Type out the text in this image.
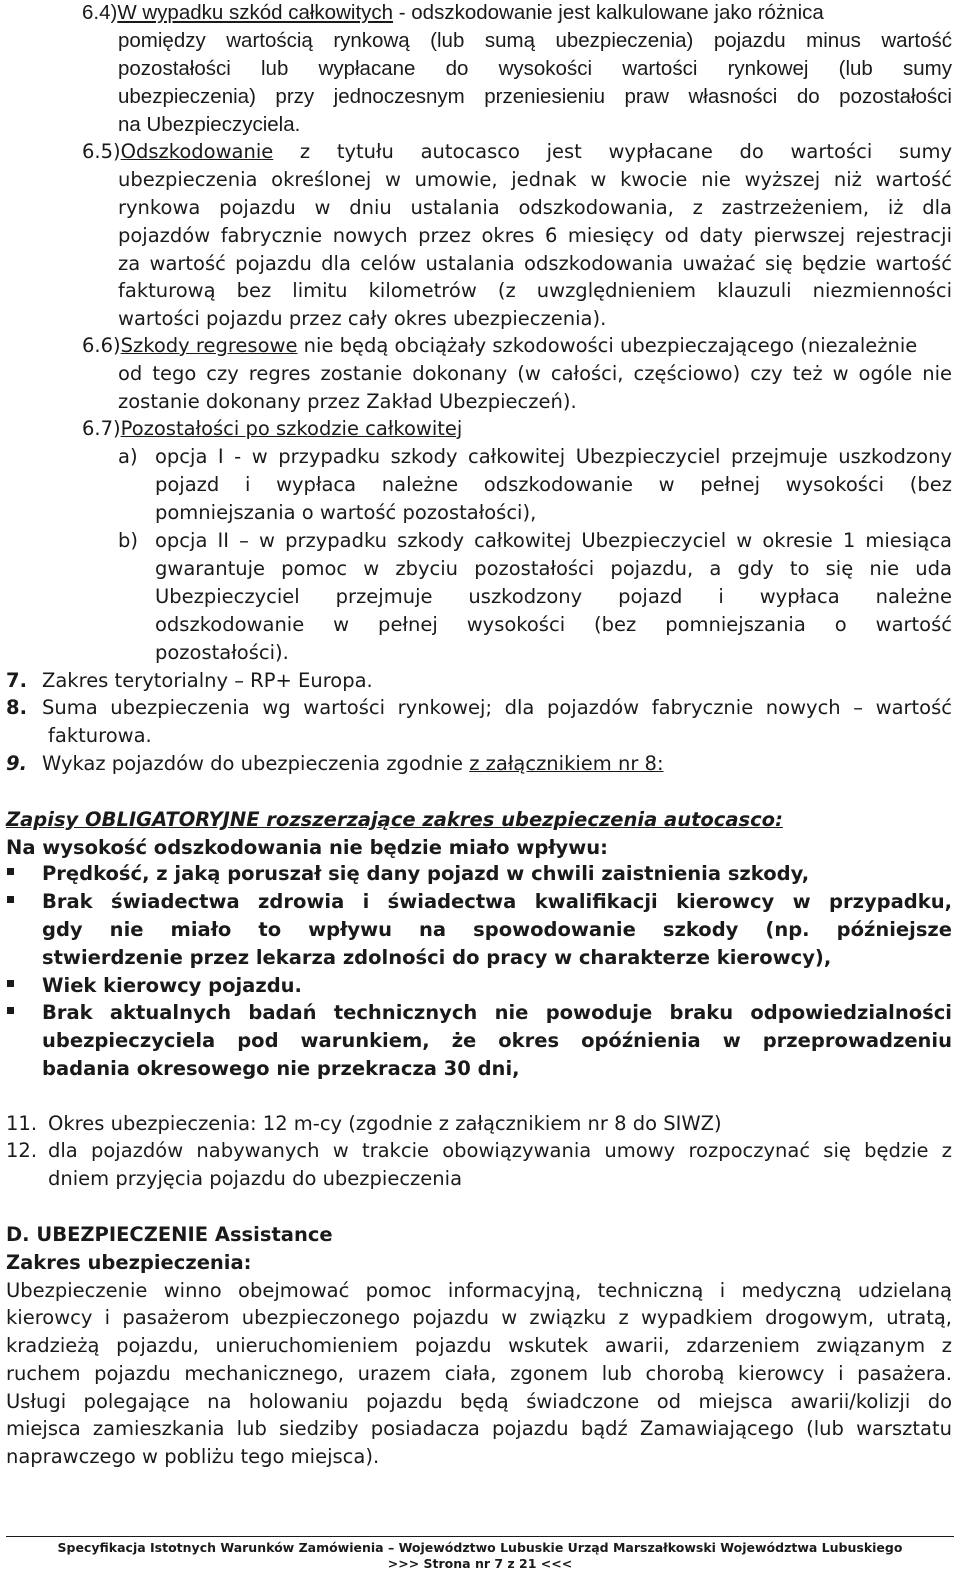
6.4)W wypadku szkód całkowitych - odszkodowanie jest kalkulowane jako różnica
pomiędzy wartością rynkową (lub sumą ubezpieczenia) pojazdu minus wartość
pozostałości lub wypłacane do wysokości wartości rynkowej (lub sumy
ubezpieczenia) przy jednoczesnym przeniesieniu praw własności do pozostałości
na Ubezpieczyciela.
6.5)Odszkodowanie z tytułu autocasco jest wypłacane do wartości sumy
ubezpieczenia określonej w umowie, jednak w kwocie nie wyższej niż wartość
rynkowa pojazdu w dniu ustalania odszkodowania, z zastrzeżeniem, iż dla
pojazdów fabrycznie nowych przez okres 6 miesięcy od daty pierwszej rejestracji
za wartość pojazdu dla celów ustalania odszkodowania uważać się będzie wartość
fakturową bez limitu kilometrów (z uwzględnieniem klauzuli niezmienności
wartości pojazdu przez cały okres ubezpieczenia).
6.6)Szkody regresowe nie będą obciążały szkodowości ubezpieczającego (niezależnie
od tego czy regres zostanie dokonany (w całości, częściowo) czy też w ogóle nie
zostanie dokonany przez Zakład Ubezpieczeń).
6.7)Pozostałości po szkodzie całkowitej
a) opcja I - w przypadku szkody całkowitej Ubezpieczyciel przejmuje uszkodzony
pojazd i wypłaca należne odszkodowanie w pełnej wysokości (bez
pomniejszania o wartość pozostałości),
b) opcja II – w przypadku szkody całkowitej Ubezpieczyciel w okresie 1 miesiąca
gwarantuje pomoc w zbyciu pozostałości pojazdu, a gdy to się nie uda
Ubezpieczyciel przejmuje uszkodzony pojazd i wypłaca należne
odszkodowanie w pełnej wysokości (bez pomniejszania o wartość
pozostałości).
7. Zakres terytorialny – RP+ Europa.
8. Suma ubezpieczenia wg wartości rynkowej; dla pojazdów fabrycznie nowych – wartość
fakturowa.
9. Wykaz pojazdów do ubezpieczenia zgodnie z załącznikiem nr 8:
Zapisy OBLIGATORYJNE rozszerzające zakres ubezpieczenia autocasco:
Na wysokość odszkodowania nie będzie miało wpływu:
Prędkość, z jaką poruszał się dany pojazd w chwili zaistnienia szkody,
Brak świadectwa zdrowia i świadectwa kwalifikacji kierowcy w przypadku,
gdy nie miało to wpływu na spowodowanie szkody (np. późniejsze
stwierdzenie przez lekarza zdolności do pracy w charakterze kierowcy),
Wiek kierowcy pojazdu.
Brak aktualnych badań technicznych nie powoduje braku odpowiedzialności
ubezpieczyciela pod warunkiem, że okres opóźnienia w przeprowadzeniu
badania okresowego nie przekracza 30 dni,
11. Okres ubezpieczenia: 12 m-cy (zgodnie z załącznikiem nr 8 do SIWZ)
12. dla pojazdów nabywanych w trakcie obowiązywania umowy rozpoczynać się będzie z
dniem przyjęcia pojazdu do ubezpieczenia
D. UBEZPIECZENIE Assistance
Zakres ubezpieczenia:
Ubezpieczenie winno obejmować pomoc informacyjną, techniczną i medyczną udzielaną
kierowcy i pasażerom ubezpieczonego pojazdu w związku z wypadkiem drogowym, utratą,
kradzieżą pojazdu, unieruchomieniem pojazdu wskutek awarii, zdarzeniem związanym z
ruchem pojazdu mechanicznego, urazem ciała, zgonem lub chorobą kierowcy i pasażera.
Usługi polegające na holowaniu pojazdu będą świadczone od miejsca awarii/kolizji do
miejsca zamieszkania lub siedziby posiadacza pojazdu bądź Zamawiającego (lub warsztatu
naprawczego w pobliżu tego miejsca).
Specyfikacja Istotnych Warunków Zamówienia – Województwo Lubuskie Urząd Marszałkowski Województwa Lubuskiego
>>> Strona nr 7 z 21 <<<
